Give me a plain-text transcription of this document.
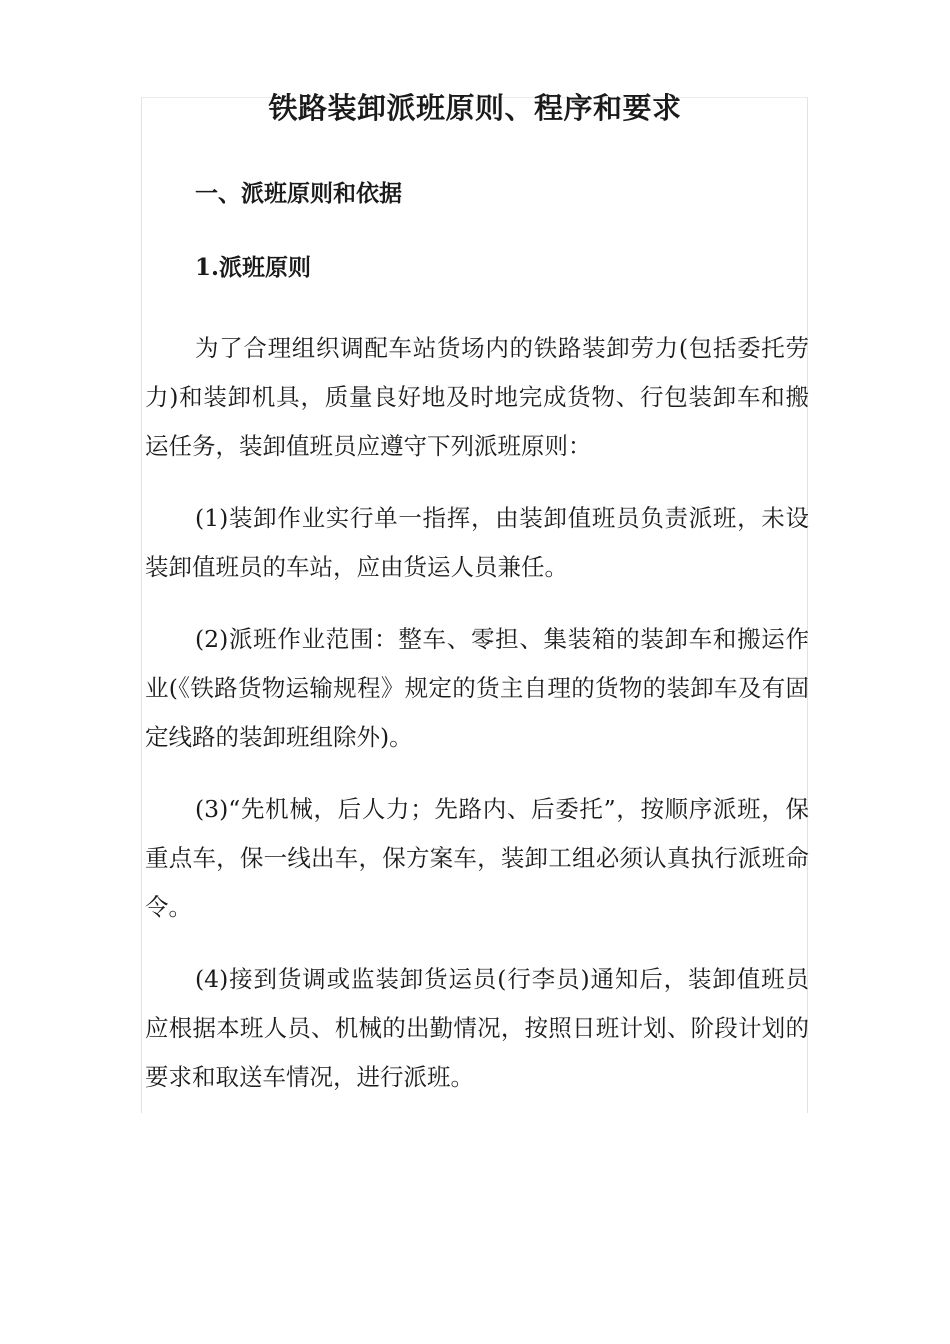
铁路装卸派班原则、程序和要求
一、派班原则和依据
1.派班原则

为了合理组织调配车站货场内的铁路装卸劳力(包括委托劳力)和装卸机具，质量良好地及时地完成货物、行包装卸车和搬运任务，装卸值班员应遵守下列派班原则：

(1)装卸作业实行单一指挥，由装卸值班员负责派班，未设装卸值班员的车站，应由货运人员兼任。

(2)派班作业范围：整车、零担、集装箱的装卸车和搬运作业(《铁路货物运输规程》规定的货主自理的货物的装卸车及有固定线路的装卸班组除外)。

(3)“先机械，后人力；先路内、后委托”，按顺序派班，保重点车，保一线出车，保方案车，装卸工组必须认真执行派班命令。

(4)接到货调或监装卸货运员(行李员)通知后，装卸值班员应根据本班人员、机械的出勤情况，按照日班计划、阶段计划的要求和取送车情况，进行派班。
